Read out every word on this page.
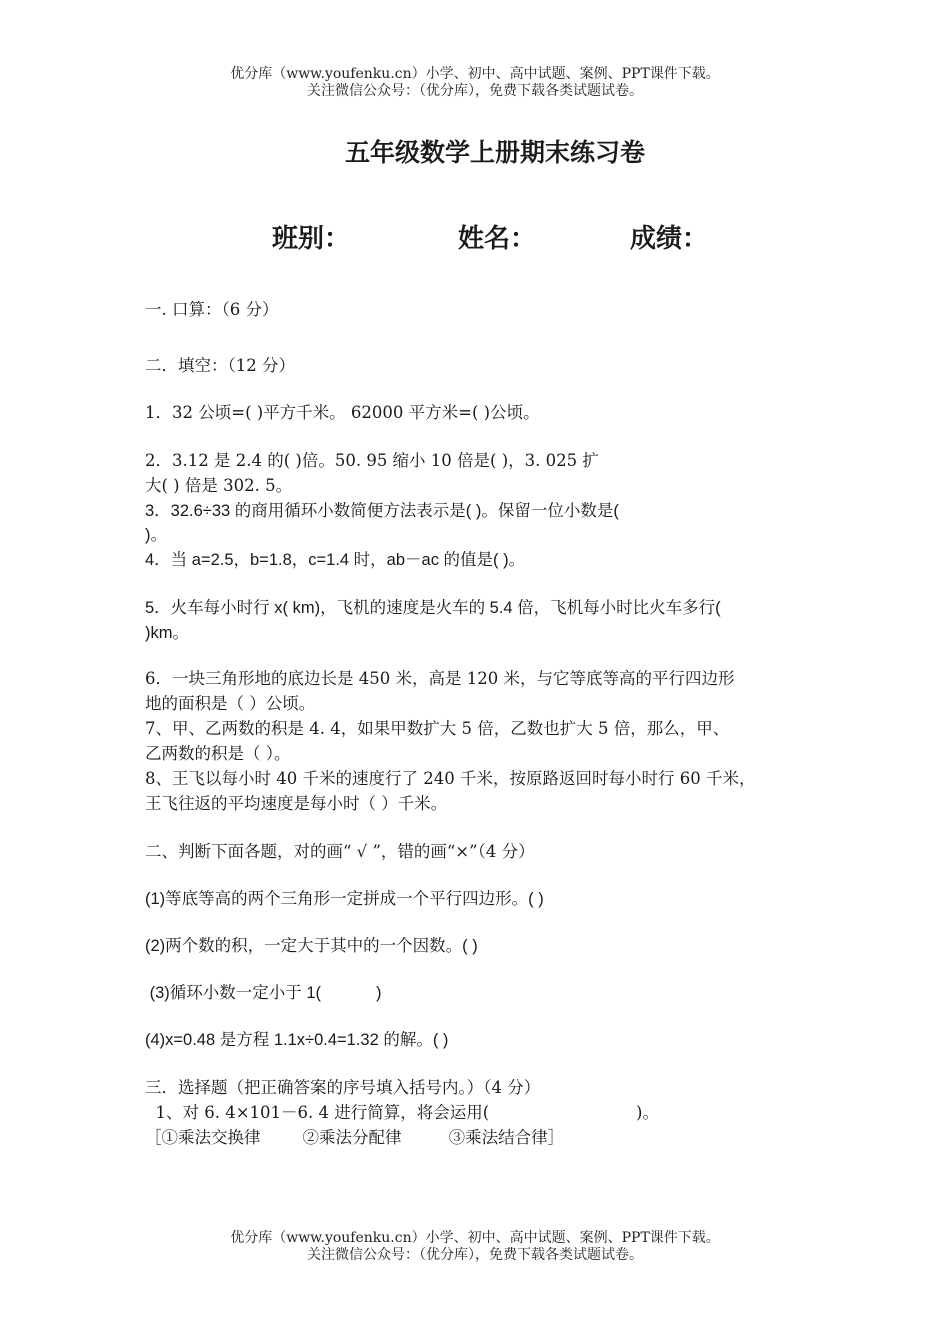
优分库（www.youfenku.cn）小学、初中、高中试题、案例、PPT课件下载。
关注微信公众号：（优分库），免费下载各类试题试卷。
五年级数学上册期末练习卷
班别：	姓名：	成绩：
一. 口算：（6 分）
二．填空：（12 分）
1．32 公顷=( )平方千米。 62000 平方米=( )公顷。
2．3.12 是 2.4 的( )倍。50. 95 缩小 10 倍是( )，3. 025 扩
大( ) 倍是 302. 5。
3．32.6÷33 的商用循环小数简便方法表示是( )。保留一位小数是(
)。
4．当 a=2.5，b=1.8，c=1.4 时，ab－ac 的值是( )。
5．火车每小时行 x( km)，飞机的速度是火车的 5.4 倍，飞机每小时比火车多行(
)km。
6．一块三角形地的底边长是 450 米，高是 120 米，与它等底等高的平行四边形
地的面积是（ ）公顷。
7、甲、乙两数的积是 4. 4，如果甲数扩大 5 倍，乙数也扩大 5 倍，那么，甲、
乙两数的积是（ ）。
8、王飞以每小时 40 千米的速度行了 240 千米，按原路返回时每小时行 60 千米，
王飞往返的平均速度是每小时（ ）千米。
二、判断下面各题，对的画“ √ ”，错的画“×”（4 分）
(1)等底等高的两个三角形一定拼成一个平行四边形。( )
(2)两个数的积，一定大于其中的一个因数。( )
(3)循环小数一定小于 1(            )
(4)x=0.48 是方程 1.1x÷0.4=1.32 的解。( )
三．选择题（把正确答案的序号填入括号内。）（4 分）
1、对 6. 4×101－6. 4 进行简算，将会运用(                            )。
［①乘法交换律        ②乘法分配律         ③乘法结合律］
优分库（www.youfenku.cn）小学、初中、高中试题、案例、PPT课件下载。
关注微信公众号：（优分库），免费下载各类试题试卷。
